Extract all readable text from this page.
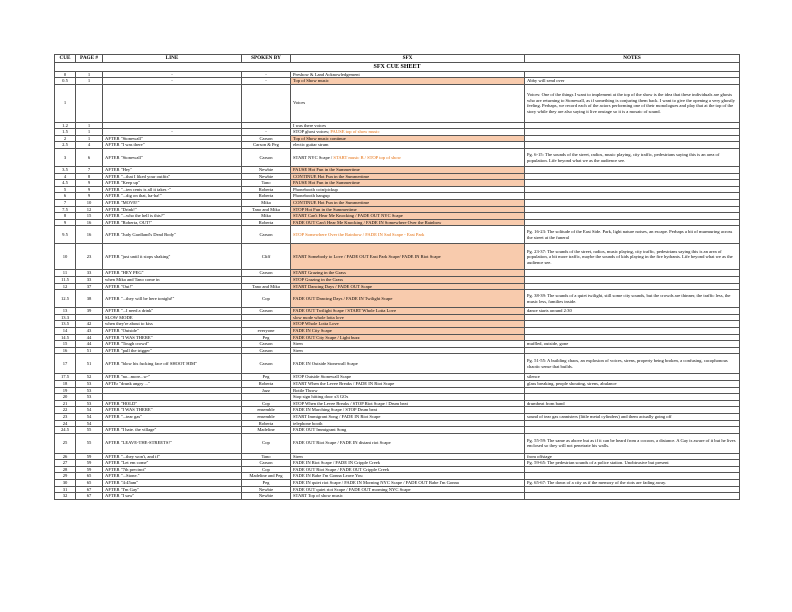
SFX CUE SHEET					
CUE	PAGE #	LINE	SPOKEN BY	SFX	NOTES
0	1	-	-	Preshow & Land Acknowledgement	
0.5	1	-	-	Top of Show music	Abby will send over
1				Voices	Voices: One of the things I want to implement at the top of the show is the idea that these individuals are ghosts who are returning to Stonewall, as if something is conjuring them back. I want to give the opening a very ghostly feeling. Perhaps, we record each of the actors performing one of their monologues and play that at the top of the story while they are also saying it live onstage so it is a mosaic of sound.
1.2	1			I was there voices	
1.5	1	-	-	STOP ghost voices; PAUSE top of show music	
2	1	AFTER "Stonewall"	Carson	Top of Show music continue	
2.5	4	AFTER "I was there"	Carson & Peg	electic guitar strum	
3	6	AFTER "Stonewall"	Carson	START NYC Scape / START music B / STOP top of show	Pg. 6-15: The sounds of the street, radios, music playing, city traffic, pedestrians saying this is an area of population. Life beyond what we as the audience see.
3.5	7	AFTER "Hey"	Newbie	PAUSE Hot Fun in the Summertime	
4	8	AFTER "...that I liked your outfits"	Newbie	CONTINUE Hot Fun in the Summertime	
4.5	9	AFTER "Keep up"	Tano	PAUSE Hot Fun in the Summertime	
5	9	AFTER "...ten cents is all it takes -"	Roberta	Phonebooth coin/pickup	
6	9	AFTER "...dig on that, ha-ha!"	Roberta	Phonebooth hangup	
7	10	AFTER "MOVE!"	Mika	CONTINUE Hot Fun in the Summertime	
7.5	12	AFTER "Drink!"	Tano and Mika	STOP Hot Fun in the Summertime	
8	15	AFTER "...who the hell is this?"	Mika	START Can't Hear Me Knocking / FADE OUT NYC Scape	
9	16	AFTER "Roberta, OUT!"	Roberta	FADE OUT Can't Hear Me Knocking / FADE IN Somewhere Over the Rainbow	
9.5	16	AFTER "Judy Gardland's Dead Body"	Carson	STOP Somewhere Over the Rainbow / FADE IN Sad Scape - East Park	Pg. 16-23: The solitude of the East Side. Park, light nature noises, an escape. Perhaps a bit of murmuring across the street at the funeral
10	23	AFTER "just until it stops shaking"	Cliff	START Somebody to Love / FADE OUT East Park Scape/ FADE IN Riot Scape	Pg. 23-37: The sounds of the street, radios, music playing, city traffic, pedestrians saying this is an area of population, a bit more traffic, maybe the sounds of kids playing in the fire hydrants. Life beyond what we as the audience see.
11	33	AFTER "HEY PEG"	Carson	START Grazing in the Grass	
11.5	33	when Mika and Tano come in		STOP Grazing in the Grass	
12	37	AFTER "Out!"	Tano and Mika	START Dancing Days / FADE OUT Scape	
12.5	38	AFTER "...they will be here tonight!"	Cop	FADE OUT Dancing Days / FADE IN Twilight Scape	Pg. 38-39: The sounds of a quiet twilight, still some city sounds, but the crowds are thinner, the traffic less, the music less, families inside.
13	39	AFTER "...I need a drink"	Carson	FADE OUT Twilight Scape / START Whole Lotta Love	dance starts around 2:30
13.3		SLOW MODE		slow mode whole lotta love	
13.5	42	when they're about to kiss		STOP Whole Lotta Love	
14	43	AFTER "Outside"	everyone	FADE IN City Scape	
14.5	44	AFTER "I WAS THERE"	Peg	FADE OUT City Scape / Light buzz	
15	44	AFTER "Tough crowd"	Carson	Siren	muffled, outside, gone
16	51	AFTER "pull the trigger"	Carson	Siren	
17	51	AFTER "blow his fucking face off SHOOT HIM"	Carson	FADE IN Outside Stonewall Scape	Pg. 51-55: A building chaos, an explosion of voices, sirens, property being broken, a confusing, cacophonous chaotic sense that builds.
17.5	52	AFTER "no...more...w-"	Peg	STOP Outside Stonewall Scape	silence
18	53	AFTEr "drunk angry ..."	Roberta	START When the Levee Breaks / FADE IN Riot Scape	glass breaking, people shouting, sirens, abulance
19	53		Jazz	Bottle Throw	
20	53			Stop sign hitting door x3 GOs	
21	53	AFTER "HOLD"	Cop	STOP When the Levee Breaks / STOP Riot Scape / Drum beat	drumbeat from band
22	54	AFTER "I WAS THERE"	ensemble	FADE IN Marching Scape / STOP Drum beat	
23	54	AFTER "...tear gas"	ensemble	START Immigrant Song / FADE IN Riot Scape	sound of tear gas cannisters (little metal cylinders) and them actually going off
24	54		Roberta	telephone booth	
24.5	55	AFTER "I hate. the village"	Madeline	FADE OUT Immigrant Song	
25	55	AFTER "LEAVE-THE-STREETS!"	Cop	FADE OUT Riot Scape / FADE IN distant riot Scape	Pg. 55-59: The same as above but as if it can be heard from a cocoon, a distance. A Gay is aware of it but he lives enclosed so they will not penetrate his walls.
26	59	AFTER "...they won't, and if"	Tano	Siren	from offstage
27	59	AFTER "Let em come"	Carson	FADE IN Riot Scape / FADE IN Cripple Creek	Pg. 59-65: The pedestrian sounds of a police station. Unobtrusive but present
28	59	AFTER "7th precinct"	Cop	FADE OUT Riot Scape / FADE OUT Cripple Creek	
29	65	AFTER "...Stone."	Madeline and Peg	FADE IN Babe I'm Gonna Leave You	
30	65	AFTER "4:45am"	Peg	FADE IN quiet riot Scape / FADE IN Morning NYC Scape / FADE OUT Babe I'm Gonna	Pg. 65-67: The dawn of a city as if the memory of the riots are fading away.
31	67	AFTER "I'm Gay"	Newbie	FADE OUT quiet riot Scape / FADE OUT morning NYC Scape	
32	67	AFTER "I saw"	Newbie	START Top of show music	
